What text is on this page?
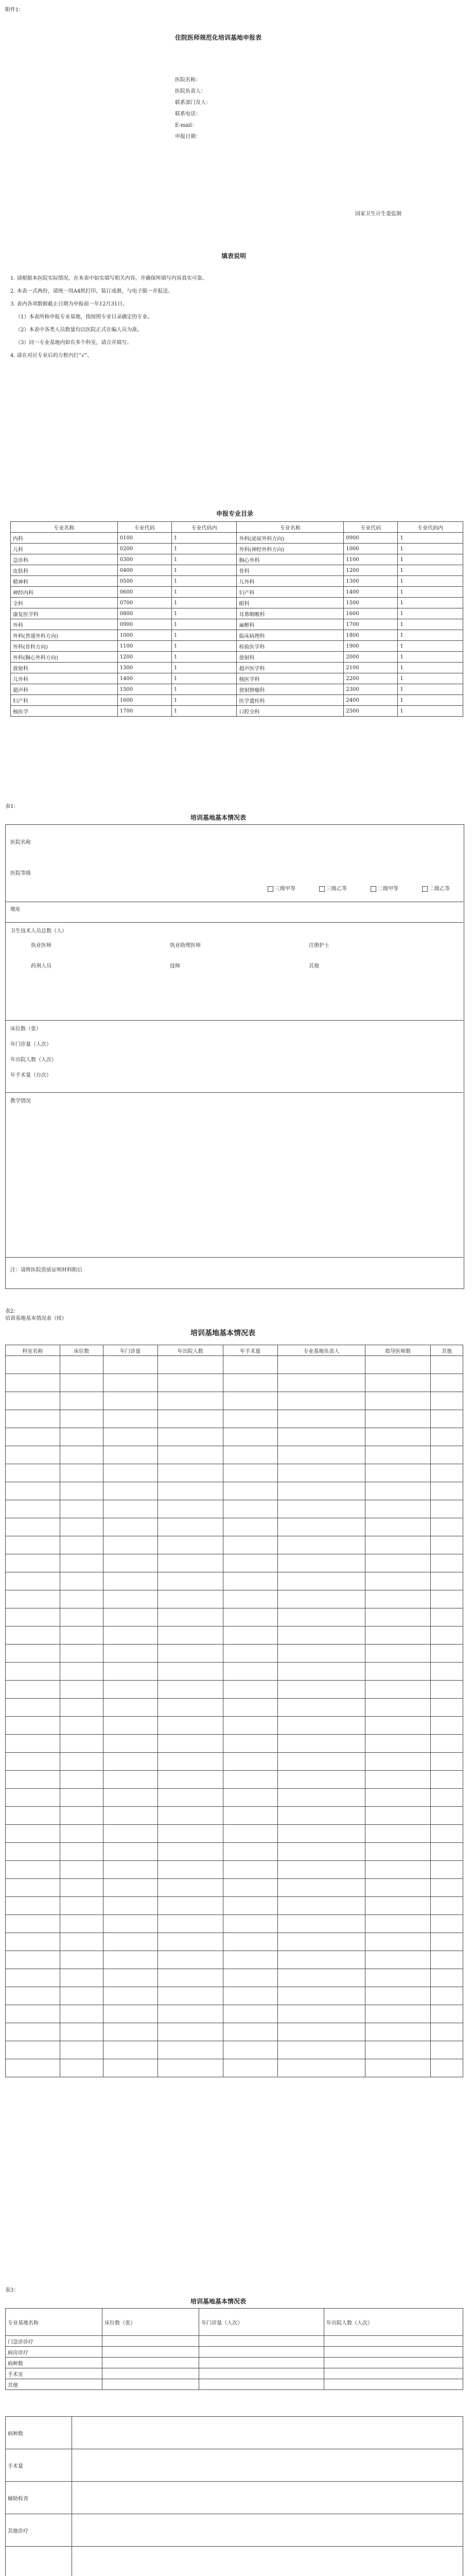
附件1：
住院医师规范化培训基地申报表
医院名称：
医院负责人：
联系部门及人：
联系电话：
E-mail：
申报日期：
国家卫生计生委监制
填表说明
1. 请根据本医院实际情况，在本表中如实填写相关内容，并确保所填写内容真实可靠。
2. 本表一式两份，请统一用A4纸打印，装订成册，与电子版一并报送。
3. 表内各项数据截止日期为申报前一年12月31日。
（1）本表所称申报专业基地，指按照专业目录确定的专业。
（2）本表中各类人员数量均以医院正式在编人员为准。
（3）同一专业基地内如有多个科室，请合并填写。
4. 请在对应专业后的方框内打“√”。
申报专业目录
专业名称	专业代码	专业代码内	专业名称	专业代码	专业代码内
内科	0100	1	外科(泌尿外科方向)	0900	1
儿科	0200	1	外科(神经外科方向)	1000	1
急诊科	0300	1	胸心外科	1100	1
皮肤科	0400	1	骨科	1200	1
精神科	0500	1	儿外科	1300	1
神经内科	0600	1	妇产科	1400	1
全科	0700	1	眼科	1500	1
康复医学科	0800	1	耳鼻咽喉科	1600	1
外科	0900	1	麻醉科	1700	1
外科(普通外科方向)	1000	1	临床病理科	1800	1
外科(骨科方向)	1100	1	检验医学科	1900	1
外科(胸心外科方向)	1200	1	放射科	2000	1
放射科	1300	1	超声医学科	2100	1
儿外科	1400	1	核医学科	2200	1
超声科	1500	1	放射肿瘤科	2300	1
妇产科	1600	1	医学遗传科	2400	1
核医学	1700	1	口腔全科	2500	1
表1：
培训基地基本情况表
医院名称
医院等级
三级甲等	三级乙等	二级甲等	二级乙等
地址
卫生技术人员总数（人）
执业医师	执业助理医师	注册护士
药剂人员	技师	其他
床位数（张）
年门诊量（人次）
年出院人数（人次）
年手术量（台次）
教学情况
注：请将医院资质证明材料附后
表2：
培训基地基本情况表（续）
培训基地基本情况表
科室名称	床位数	年门诊量	年出院人数	年手术量	专业基地负责人	指导医师数	其他

表3：
培训基地基本情况表
专业基地名称	床位数（张）	年门诊量（人次）	年出院人数（人次）
门急诊诊疗			
病房诊疗			
病种数			
手术室			
其他			
病种数	
手术量	
辅助检查	
其他诊疗	
